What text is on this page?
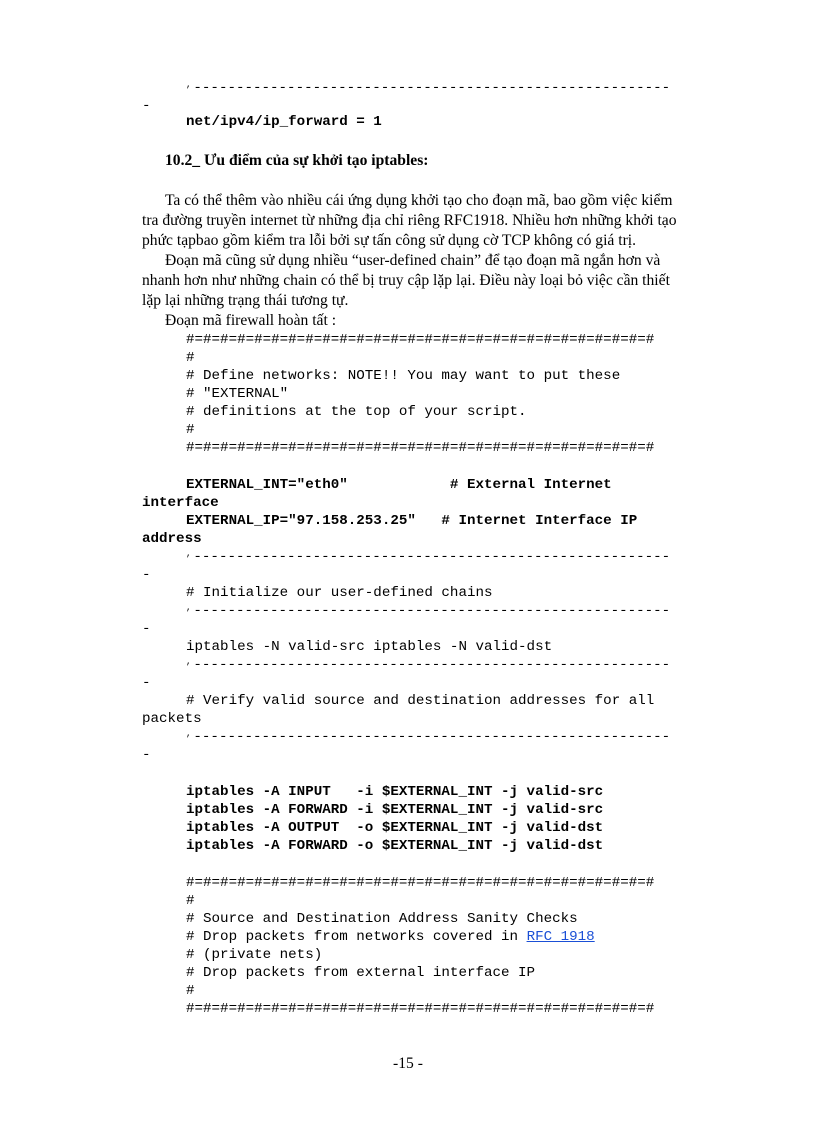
, --------------------------------------------------------
-
net/ipv4/ip_forward = 1
10.2_ Ưu điểm của sự khởi tạo iptables:
Ta có thể thêm vào nhiều cái ứng dụng khởi tạo cho đoạn mã, bao gồm việc kiểm
tra đường truyền internet từ những địa chỉ riêng RFC1918. Nhiều hơn những khởi tạo
phức tạpbao gồm kiểm tra lỗi bởi sự tấn công sử dụng cờ TCP không có giá trị.
Đoạn mã cũng sử dụng nhiều “user-defined chain” để tạo đoạn mã ngắn hơn và
nhanh hơn như những chain có thể bị truy cập lặp lại. Điều này loại bỏ việc cần thiết
lặp lại những trạng thái tương tự.
Đoạn mã firewall hoàn tất :
#=#=#=#=#=#=#=#=#=#=#=#=#=#=#=#=#=#=#=#=#=#=#=#=#=#=#=#
#
# Define networks: NOTE!! You may want to put these
# "EXTERNAL"
# definitions at the top of your script.
#
#=#=#=#=#=#=#=#=#=#=#=#=#=#=#=#=#=#=#=#=#=#=#=#=#=#=#=#
EXTERNAL_INT="eth0"            # External Internet
interface
EXTERNAL_IP="97.158.253.25"   # Internet Interface IP
address
, --------------------------------------------------------
-
# Initialize our user-defined chains
, --------------------------------------------------------
-
iptables -N valid-src iptables -N valid-dst
, --------------------------------------------------------
-
# Verify valid source and destination addresses for all
packets
, --------------------------------------------------------
-
iptables -A INPUT   -i $EXTERNAL_INT -j valid-src
iptables -A FORWARD -i $EXTERNAL_INT -j valid-src
iptables -A OUTPUT  -o $EXTERNAL_INT -j valid-dst
iptables -A FORWARD -o $EXTERNAL_INT -j valid-dst
#=#=#=#=#=#=#=#=#=#=#=#=#=#=#=#=#=#=#=#=#=#=#=#=#=#=#=#
#
# Source and Destination Address Sanity Checks
# Drop packets from networks covered in RFC 1918
# (private nets)
# Drop packets from external interface IP
#
#=#=#=#=#=#=#=#=#=#=#=#=#=#=#=#=#=#=#=#=#=#=#=#=#=#=#=#
-15 -
